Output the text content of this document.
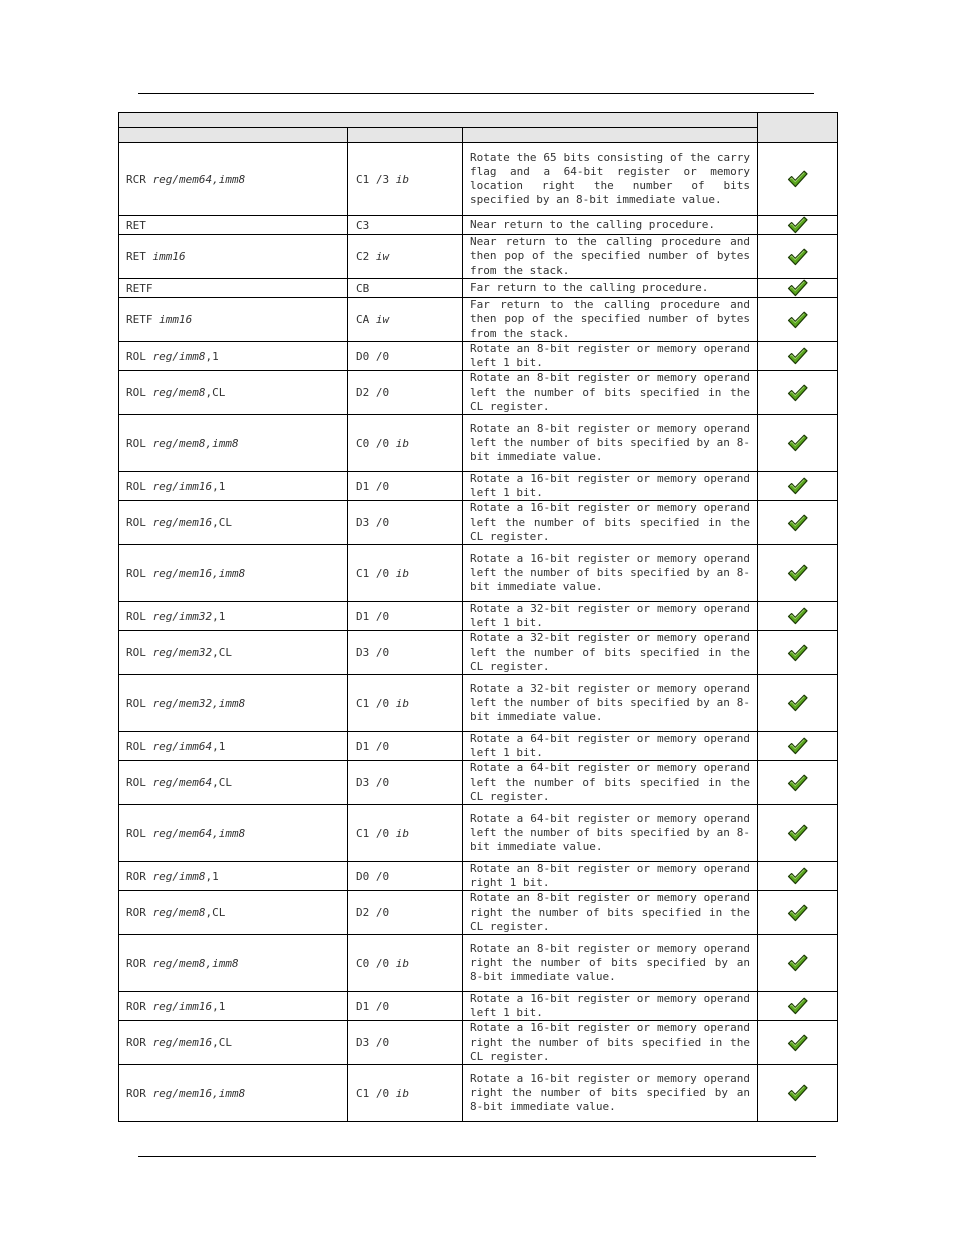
RCR reg/mem64,imm8	C1 /3 ib	Rotate the 65 bits consisting of the carry flag and a 64-bit register or memory location right the number of bits specified by an 8-bit immediate value.	
RET	C3	Near return to the calling procedure.	
RET imm16	C2 iw	Near return to the calling procedure and then pop of the specified number of bytes from the stack.	
RETF	CB	Far return to the calling procedure.	
RETF imm16	CA iw	Far return to the calling procedure and then pop of the specified number of bytes from the stack.	
ROL reg/imm8,1	D0 /0	Rotate an 8-bit register or memory operand left 1 bit.	
ROL reg/mem8,CL	D2 /0	Rotate an 8-bit register or memory operand left the number of bits specified in the CL register.	
ROL reg/mem8,imm8	C0 /0 ib	Rotate an 8-bit register or memory operand left the number of bits specified by an 8-bit immediate value.	
ROL reg/imm16,1	D1 /0	Rotate a 16-bit register or memory operand left 1 bit.	
ROL reg/mem16,CL	D3 /0	Rotate a 16-bit register or memory operand left the number of bits specified in the CL register.	
ROL reg/mem16,imm8	C1 /0 ib	Rotate a 16-bit register or memory operand left the number of bits specified by an 8-bit immediate value.	
ROL reg/imm32,1	D1 /0	Rotate a 32-bit register or memory operand left 1 bit.	
ROL reg/mem32,CL	D3 /0	Rotate a 32-bit register or memory operand left the number of bits specified in the CL register.	
ROL reg/mem32,imm8	C1 /0 ib	Rotate a 32-bit register or memory operand left the number of bits specified by an 8-bit immediate value.	
ROL reg/imm64,1	D1 /0	Rotate a 64-bit register or memory operand left 1 bit.	
ROL reg/mem64,CL	D3 /0	Rotate a 64-bit register or memory operand left the number of bits specified in the CL register.	
ROL reg/mem64,imm8	C1 /0 ib	Rotate a 64-bit register or memory operand left the number of bits specified by an 8-bit immediate value.	
ROR reg/imm8,1	D0 /0	Rotate an 8-bit register or memory operand right 1 bit.	
ROR reg/mem8,CL	D2 /0	Rotate an 8-bit register or memory operand right the number of bits specified in the CL register.	
ROR reg/mem8,imm8	C0 /0 ib	Rotate an 8-bit register or memory operand right the number of bits specified by an 8-bit immediate value.	
ROR reg/imm16,1	D1 /0	Rotate a 16-bit register or memory operand left 1 bit.	
ROR reg/mem16,CL	D3 /0	Rotate a 16-bit register or memory operand right the number of bits specified in the CL register.	
ROR reg/mem16,imm8	C1 /0 ib	Rotate a 16-bit register or memory operand right the number of bits specified by an 8-bit immediate value.	
